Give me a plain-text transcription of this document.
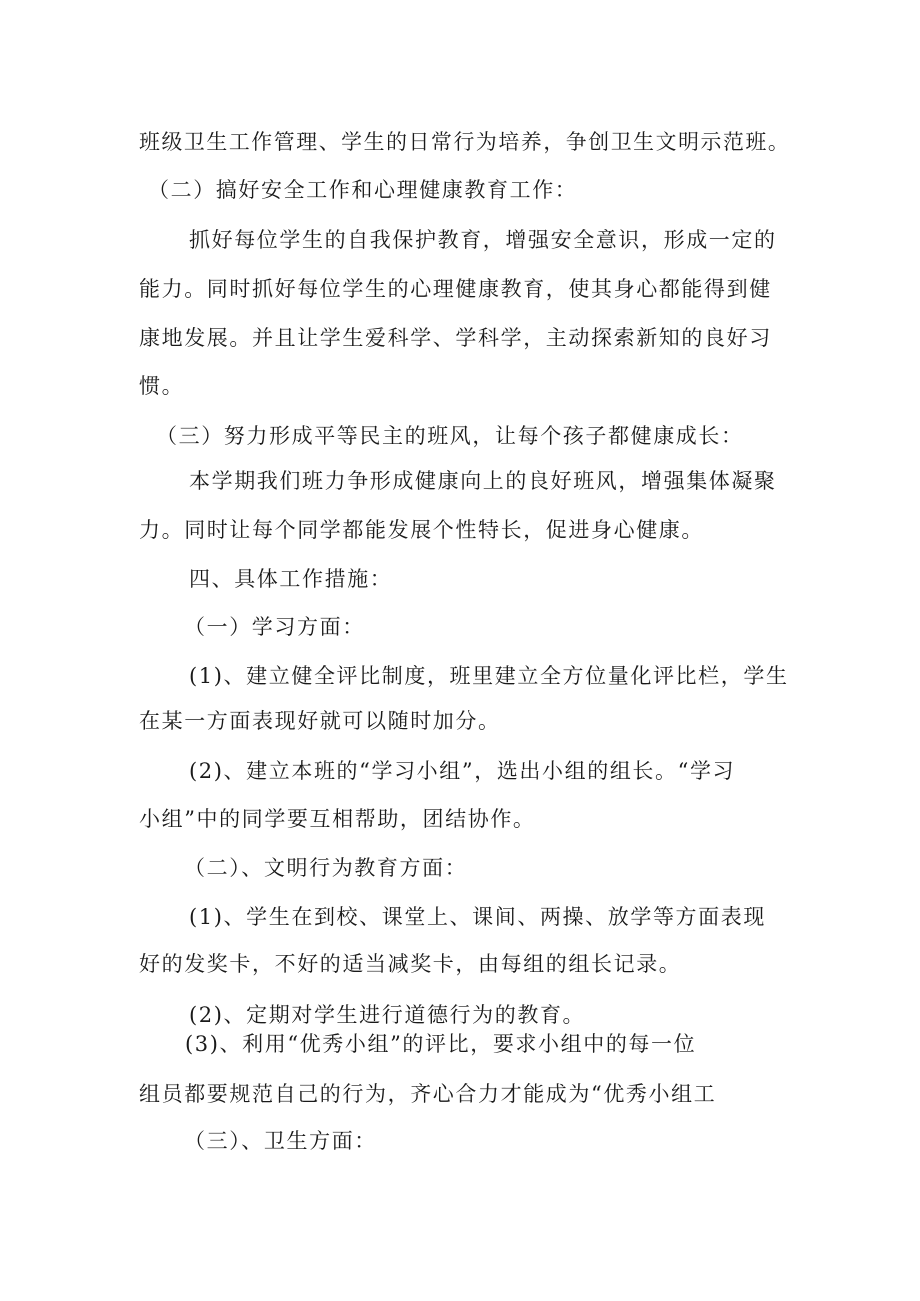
班级卫生工作管理、学生的日常行为培养，争创卫生文明示范班。
（二）搞好安全工作和心理健康教育工作：
抓好每位学生的自我保护教育，增强安全意识，形成一定的
能力。同时抓好每位学生的心理健康教育，使其身心都能得到健
康地发展。并且让学生爱科学、学科学，主动探索新知的良好习
惯。
（三）努力形成平等民主的班风，让每个孩子都健康成长：
本学期我们班力争形成健康向上的良好班风，增强集体凝聚
力。同时让每个同学都能发展个性特长，促进身心健康。
四、具体工作措施：
（一）学习方面：
(1)、建立健全评比制度，班里建立全方位量化评比栏，学生
在某一方面表现好就可以随时加分。
(2)、建立本班的“学习小组”，选出小组的组长。“学习
小组”中的同学要互相帮助，团结协作。
（二）、文明行为教育方面：
(1)、学生在到校、课堂上、课间、两操、放学等方面表现
好的发奖卡，不好的适当减奖卡，由每组的组长记录。
(2)、定期对学生进行道德行为的教育。
(3)、利用“优秀小组”的评比，要求小组中的每一位
组员都要规范自己的行为，齐心合力才能成为“优秀小组工
（三）、卫生方面：
